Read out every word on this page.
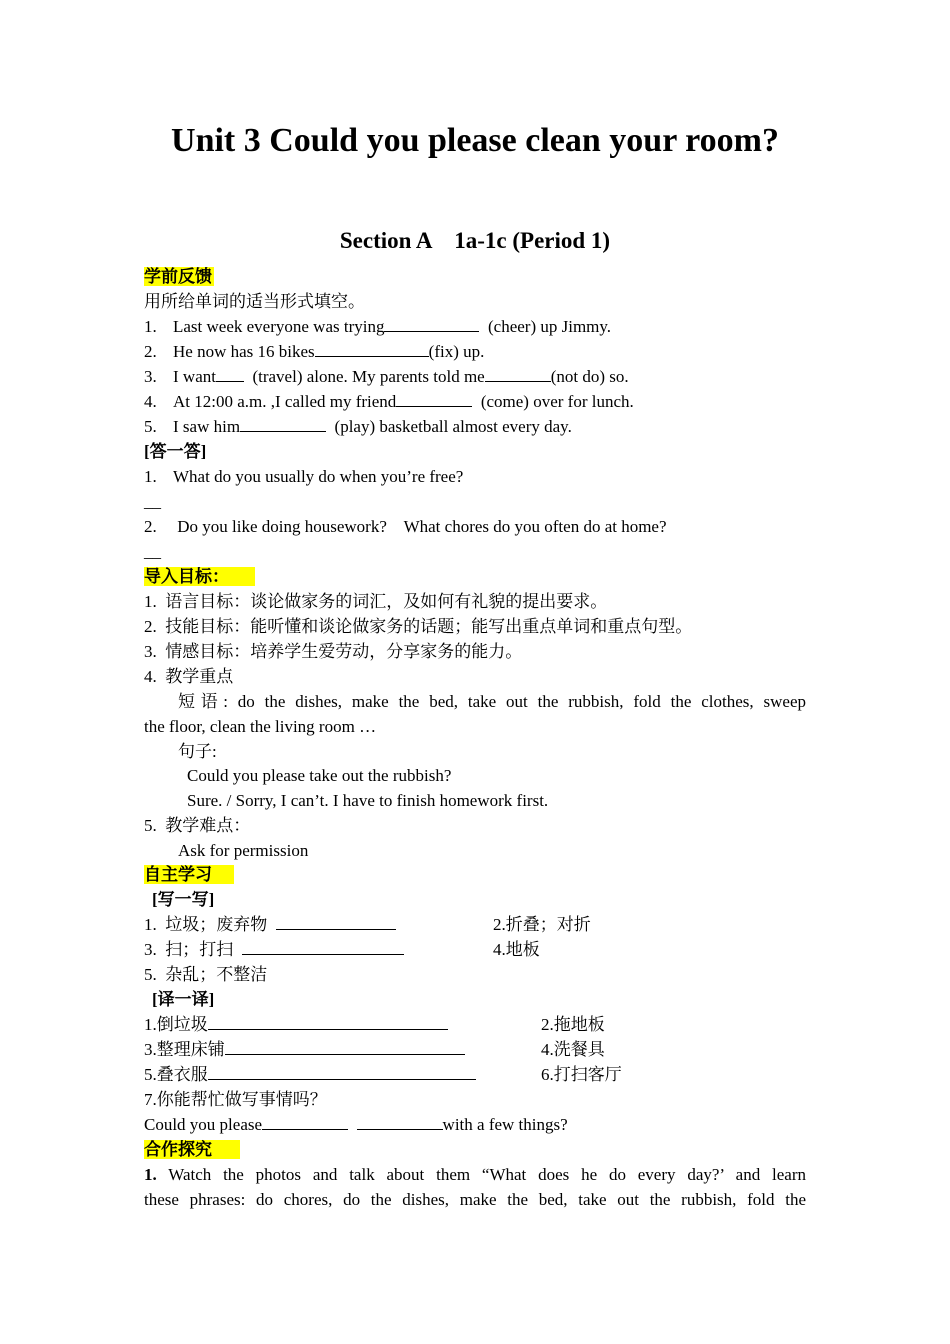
Unit 3 Could you please clean your room?
Section A    1a-1c (Period 1)
学前反馈
用所给单词的适当形式填空。
1. Last week everyone was trying	(cheer) up Jimmy.
2. He now has 16 bikes	(fix) up.
3. I want (travel) alone. My parents told me	(not do) so.
4. At 12:00 a.m. ,I called my friend	(come) over for lunch.
5. I saw him	(play) basketball almost every day.
[答一答]
1. What do you usually do when you’re free?
__
2. Do you like doing housework?    What chores do you often do at home?
__
导入目标：
1.  语言目标：谈论做家务的词汇，及如何有礼貌的提出要求。
2.  技能目标：能听懂和谈论做家务的话题；能写出重点单词和重点句型。
3.  情感目标：培养学生爱劳动，分享家务的能力。
4.  教学重点
短语: do the dishes, make the bed, take out the rubbish, fold the clothes, sweep
the floor, clean the living room …
句子:
Could you please take out the rubbish?
Sure. / Sorry, I can’t. I have to finish homework first.
5.  教学难点：
Ask for permission
自主学习
[写一写]
1.  垃圾；废弃物	2.折叠；对折
3.  扫；打扫	4.地板
5.  杂乱；不整洁
[译一译]
1.倒垃圾	2.拖地板
3.整理床铺	4.洗餐具
5.叠衣服	6.打扫客厅
7.你能帮忙做写事情吗？
Could you please	with a few things?
合作探究
1. Watch the photos and talk about them “What does he do every day?’ and learn
these phrases: do chores, do the dishes, make the bed, take out the rubbish, fold the
